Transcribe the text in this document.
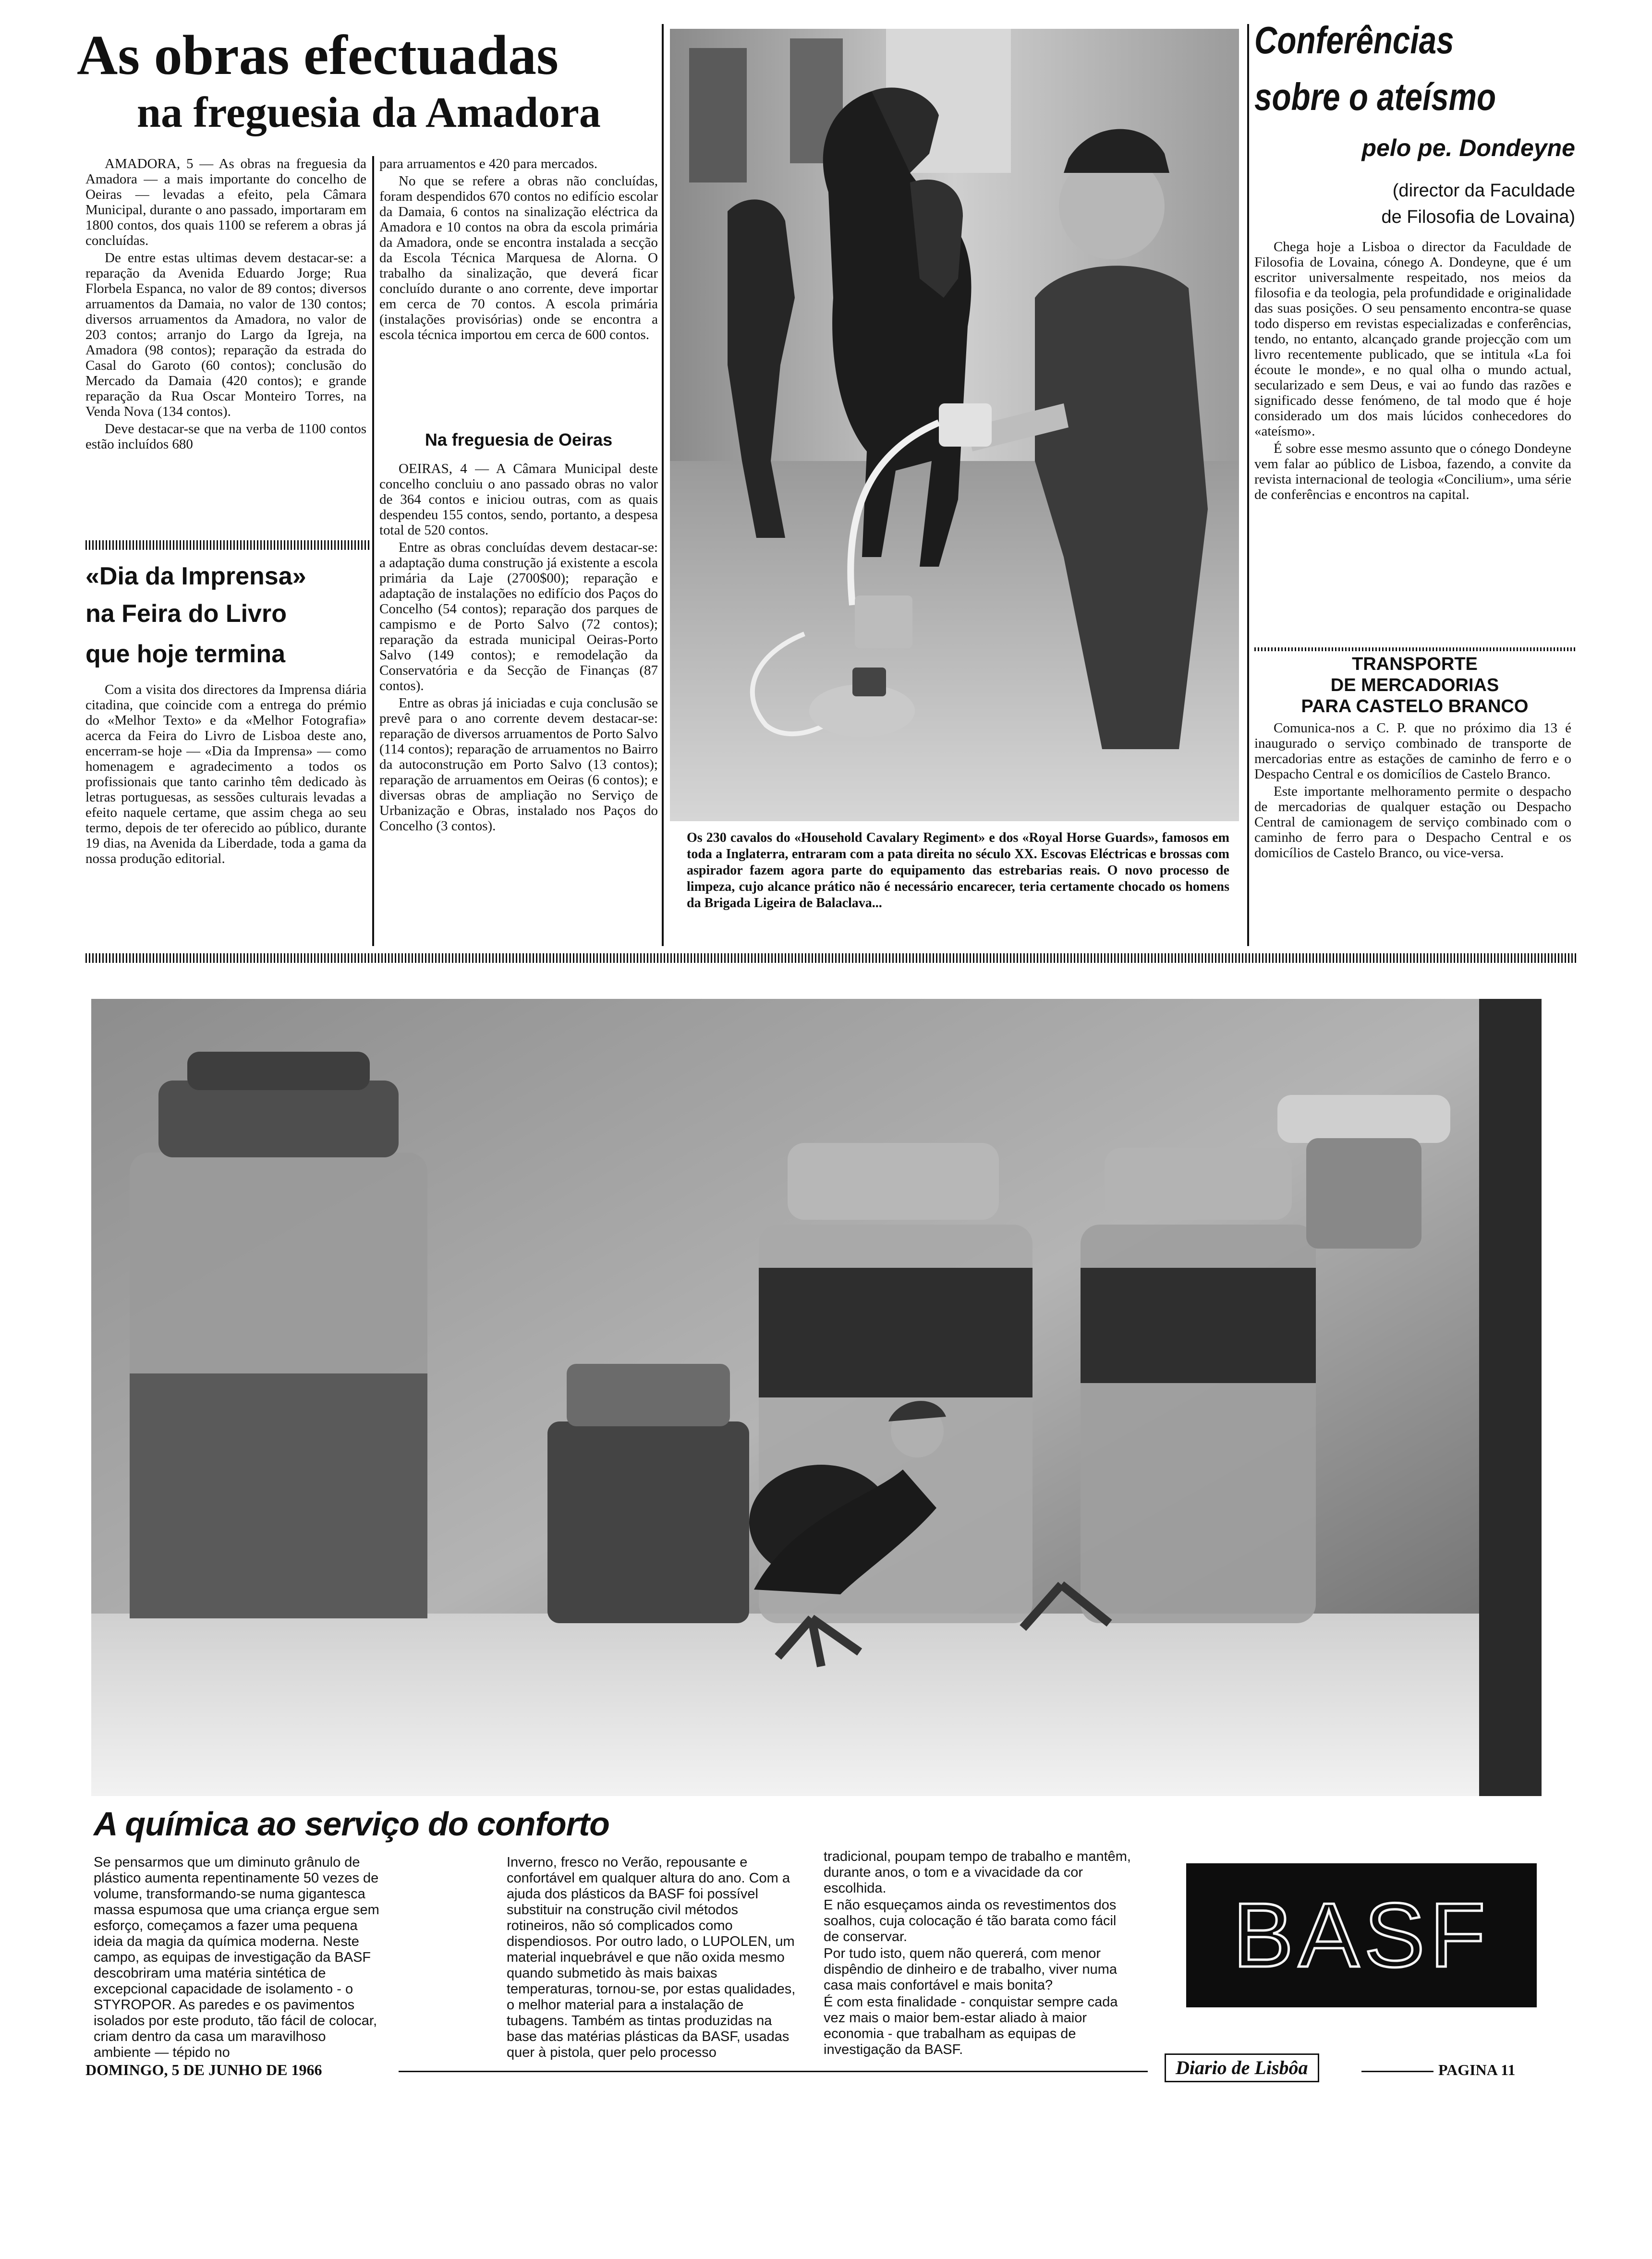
As obras efectuadas
na freguesia da Amadora

AMADORA, 5 — As obras na freguesia da Amadora — a mais importante do concelho de Oeiras — levadas a efeito, pela Câmara Municipal, durante o ano passado, importaram em 1800 contos, dos quais 1100 se referem a obras já concluídas.

De entre estas ultimas devem destacar-se: a reparação da Avenida Eduardo Jorge; Rua Florbela Espanca, no valor de 89 contos; diversos arruamentos da Damaia, no valor de 130 contos; diversos arruamentos da Amadora, no valor de 203 contos; arranjo do Largo da Igreja, na Amadora (98 contos); reparação da estrada do Casal do Garoto (60 contos); conclusão do Mercado da Damaia (420 contos); e grande reparação da Rua Oscar Monteiro Torres, na Venda Nova (134 contos).

Deve destacar-se que na verba de 1100 contos estão incluídos 680

para arruamentos e 420 para mercados.

No que se refere a obras não concluídas, foram despendidos 670 contos no edifício escolar da Damaia, 6 contos na sinalização eléctrica da Amadora e 10 contos na obra da escola primária da Amadora, onde se encontra instalada a secção da Escola Técnica Marquesa de Alorna. O trabalho da sinalização, que deverá ficar concluído durante o ano corrente, deve importar em cerca de 70 contos. A escola primária (instalações provisórias) onde se encontra a escola técnica importou em cerca de 600 contos.

Na freguesia de Oeiras

OEIRAS, 4 — A Câmara Municipal deste concelho concluiu o ano passado obras no valor de 364 contos e iniciou outras, com as quais despendeu 155 contos, sendo, portanto, a despesa total de 520 contos.

Entre as obras concluídas devem destacar-se: a adaptação duma construção já existente a escola primária da Laje (2700$00); reparação e adaptação de instalações no edifício dos Paços do Concelho (54 contos); reparação dos parques de campismo e de Porto Salvo (72 contos); reparação da estrada municipal Oeiras-Porto Salvo (149 contos); e remodelação da Conservatória e da Secção de Finanças (87 contos).

Entre as obras já iniciadas e cuja conclusão se prevê para o ano corrente devem destacar-se: reparação de diversos arruamentos de Porto Salvo (114 contos); reparação de arruamentos no Bairro da autoconstrução em Porto Salvo (13 contos); reparação de arruamentos em Oeiras (6 contos); e diversas obras de ampliação no Serviço de Urbanização e Obras, instalado nos Paços do Concelho (3 contos).

«Dia da Imprensa»
na Feira do Livro
que hoje termina

Com a visita dos directores da Imprensa diária citadina, que coincide com a entrega do prémio do «Melhor Texto» e da «Melhor Fotografia» acerca da Feira do Livro de Lisboa deste ano, encerram-se hoje — «Dia da Imprensa» — como homenagem e agradecimento a todos os profissionais que tanto carinho têm dedicado às letras portuguesas, as sessões culturais levadas a efeito naquele certame, que assim chega ao seu termo, depois de ter oferecido ao público, durante 19 dias, na Avenida da Liberdade, toda a gama da nossa produção editorial.

Os 230 cavalos do «Household Cavalary Regiment» e dos «Royal Horse Guards», famosos em toda a Inglaterra, entraram com a pata direita no século XX. Escovas Eléctricas e brossas com aspirador fazem agora parte do equipamento das estrebarias reais. O novo processo de limpeza, cujo alcance prático não é necessário encarecer, teria certamente chocado os homens da Brigada Ligeira de Balaclava...
Conferências
sobre o ateísmo
pelo pe. Dondeyne
(director da Faculdade
de Filosofia de Lovaina)

Chega hoje a Lisboa o director da Faculdade de Filosofia de Lovaina, cónego A. Dondeyne, que é um escritor universalmente respeitado, nos meios da filosofia e da teologia, pela profundidade e originalidade das suas posições. O seu pensamento encontra-se quase todo disperso em revistas especializadas e conferências, tendo, no entanto, alcançado grande projecção com um livro recentemente publicado, que se intitula «La foi écoute le monde», e no qual olha o mundo actual, secularizado e sem Deus, e vai ao fundo das razões e significado desse fenómeno, de tal modo que é hoje considerado um dos mais lúcidos conhecedores do «ateísmo».

É sobre esse mesmo assunto que o cónego Dondeyne vem falar ao público de Lisboa, fazendo, a convite da revista internacional de teologia «Concilium», uma série de conferências e encontros na capital.

TRANSPORTE
DE MERCADORIAS
PARA CASTELO BRANCO

Comunica-nos a C. P. que no próximo dia 13 é inaugurado o serviço combinado de transporte de mercadorias entre as estações de caminho de ferro e o Despacho Central e os domicílios de Castelo Branco.

Este importante melhoramento permite o despacho de mercadorias de qualquer estação ou Despacho Central de camionagem de serviço combinado com o caminho de ferro para o Despacho Central e os domicílios de Castelo Branco, ou vice-versa.

A química ao serviço do conforto
Se pensarmos que um diminuto grânulo de plástico aumenta repentinamente 50 vezes de volume, transformando-se numa gigantesca massa espumosa que uma criança ergue sem esforço, começamos a fazer uma pequena ideia da magia da química moderna. Neste campo, as equipas de investigação da BASF descobriram uma matéria sintética de excepcional capacidade de isolamento - o STYROPOR. As paredes e os pavimentos isolados por este produto, tão fácil de colocar, criam dentro da casa um maravilhoso ambiente — tépido no
Inverno, fresco no Verão, repousante e confortável em qualquer altura do ano. Com a ajuda dos plásticos da BASF foi possível substituir na construção civil métodos rotineiros, não só complicados como dispendiosos. Por outro lado, o LUPOLEN, um material inquebrável e que não oxida mesmo quando submetido às mais baixas temperaturas, tornou-se, por estas qualidades, o melhor material para a instalação de tubagens. Também as tintas produzidas na base das matérias plásticas da BASF, usadas quer à pistola, quer pelo processo

tradicional, poupam tempo de trabalho e mantêm, durante anos, o tom e a vivacidade da cor escolhida.

E não esqueçamos ainda os revestimentos dos soalhos, cuja colocação é tão barata como fácil de conservar.

Por tudo isto, quem não quererá, com menor dispêndio de dinheiro e de trabalho, viver numa casa mais confortável e mais bonita?

É com esta finalidade - conquistar sempre cada vez mais o maior bem-estar aliado à maior economia - que trabalham as equipas de investigação da BASF.

BASF
DOMINGO, 5 DE JUNHO DE 1966	Diario de Lisbôa	PAGINA 11
